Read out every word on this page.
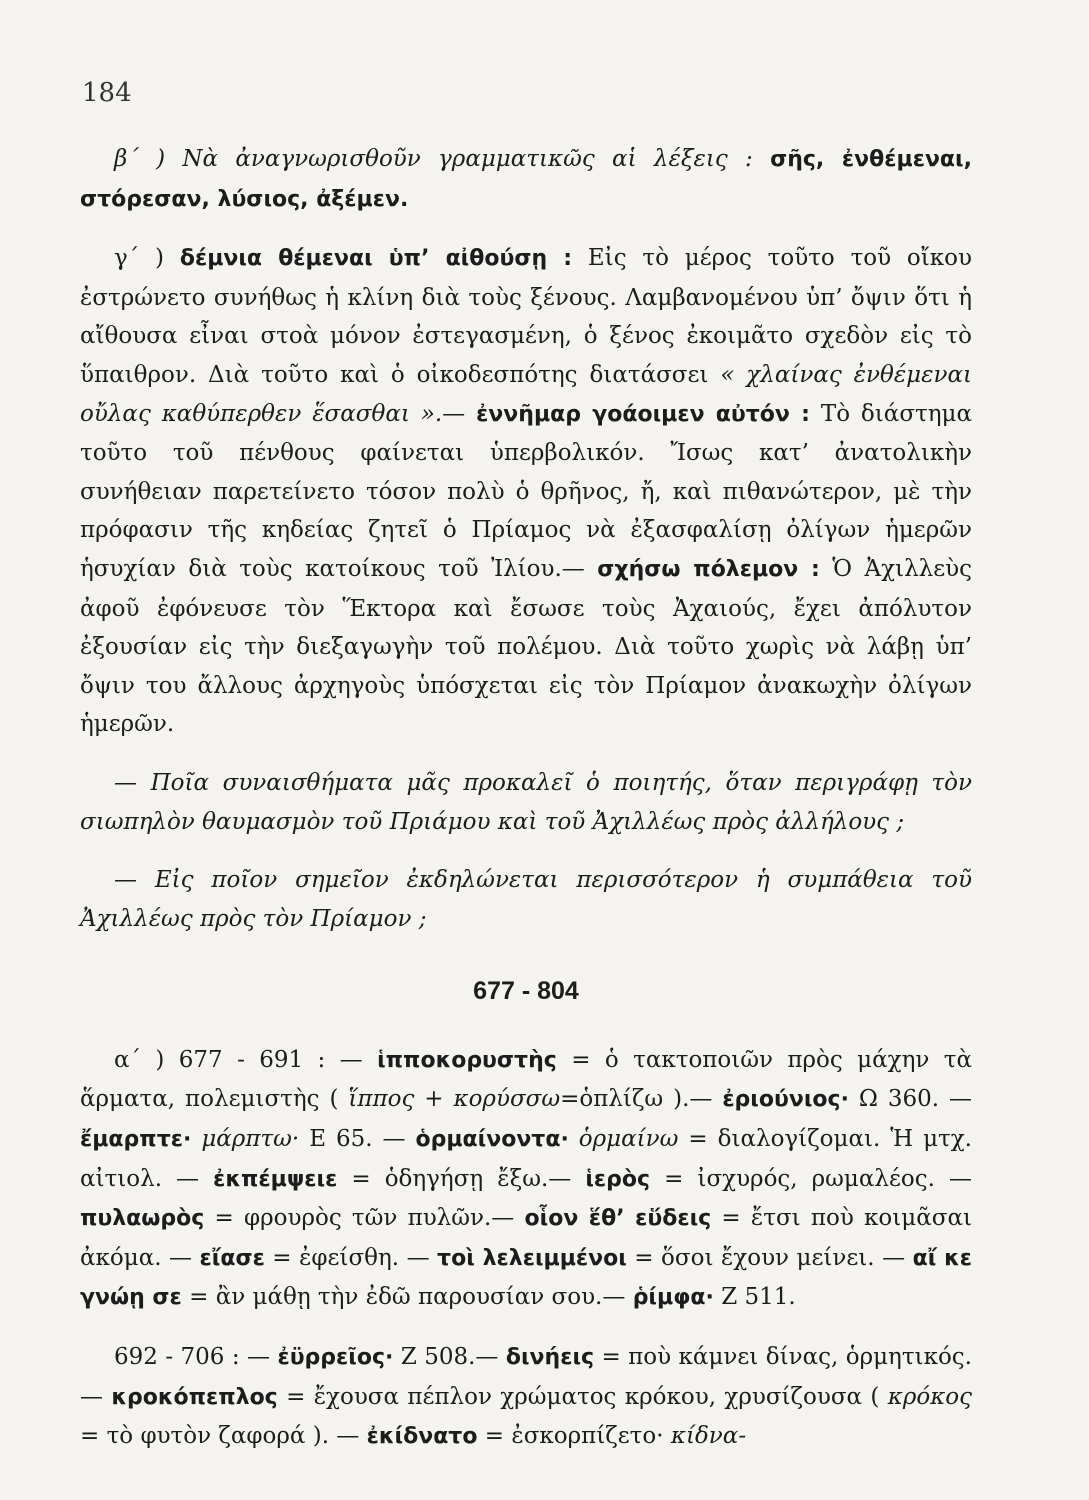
184

β΄ ) Νὰ ἀναγνωρισθοῦν γραμματικῶς αἱ λέξεις : σῆς, ἐνθέμεναι, στόρεσαν, λύσιος, ἀξέμεν.

γ΄ ) δέμνια θέμεναι ὑπ’ αἰθούσῃ : Εἰς τὸ μέρος τοῦτο τοῦ οἴκου ἐστρώνετο συνήθως ἡ κλίνη διὰ τοὺς ξένους. Λαμβανομένου ὑπ’ ὄψιν ὅτι ἡ αἴθουσα εἶναι στοὰ μόνον ἐστεγασμένη, ὁ ξένος ἐκοιμᾶτο σχεδὸν εἰς τὸ ὕπαιθρον. Διὰ τοῦτο καὶ ὁ οἰκοδεσπότης διατάσσει « χλαίνας ἐνθέμεναι οὔλας καθύπερθεν ἕσασθαι ».— ἐννῆμαρ γοάοιμεν αὐτόν : Τὸ διάστημα τοῦτο τοῦ πένθους φαίνεται ὑπερβολικόν. Ἴσως κατ’ ἀνατολικὴν συνήθειαν παρετείνετο τόσον πολὺ ὁ θρῆνος, ἤ, καὶ πιθανώτερον, μὲ τὴν πρόφασιν τῆς κηδείας ζητεῖ ὁ Πρίαμος νὰ ἐξασφαλίσῃ ὀλίγων ἡμερῶν ἡσυχίαν διὰ τοὺς κατοίκους τοῦ Ἰλίου.— σχήσω πόλεμον : Ὁ Ἀχιλλεὺς ἀφοῦ ἐφόνευσε τὸν Ἕκτορα καὶ ἔσωσε τοὺς Ἀχαιούς, ἔχει ἀπόλυτον ἐξουσίαν εἰς τὴν διεξαγωγὴν τοῦ πολέμου. Διὰ τοῦτο χωρὶς νὰ λάβῃ ὑπ’ ὄψιν του ἄλλους ἀρχηγοὺς ὑπόσχεται εἰς τὸν Πρίαμον ἀνακωχὴν ὀλίγων ἡμερῶν.

— Ποῖα συναισθήματα μᾶς προκαλεῖ ὁ ποιητής, ὅταν περιγράφῃ τὸν σιωπηλὸν θαυμασμὸν τοῦ Πριάμου καὶ τοῦ Ἀχιλλέως πρὸς ἀλλήλους ;

— Εἰς ποῖον σημεῖον ἐκδηλώνεται περισσότερον ἡ συμπάθεια τοῦ Ἀχιλλέως πρὸς τὸν Πρίαμον ;

677 - 804

α΄ ) 677 - 691 : — ἱπποκορυστὴς = ὁ τακτοποιῶν πρὸς μάχην τὰ ἅρματα, πολεμιστὴς ( ἵππος + κορύσσω=ὁπλίζω ).— ἐριούνιος· Ω 360. — ἔμαρπτε· μάρπτω· Ε 65. — ὁρμαίνοντα· ὁρμαίνω = διαλογίζομαι. Ἡ μτχ. αἰτιολ. — ἐκπέμψειε = ὁδηγήσῃ ἔξω.— ἱερὸς = ἰσχυρός, ρωμαλέος. — πυλαωρὸς = φρουρὸς τῶν πυλῶν.— οἷον ἕθ’ εὕδεις = ἔτσι ποὺ κοιμᾶσαι ἀκόμα. — εἴασε = ἐφείσθη. — τοὶ λελειμμένοι = ὅσοι ἔχουν μείνει. — αἴ κε γνώῃ σε = ἂν μάθῃ τὴν ἐδῶ παρουσίαν σου.— ῥίμφα· Ζ 511.

692 - 706 : — ἐϋρρεῖος· Ζ 508.— δινήεις = ποὺ κάμνει δίνας, ὁρμητικός.— κροκόπεπλος = ἔχουσα πέπλον χρώματος κρόκου, χρυσίζουσα ( κρόκος = τὸ φυτὸν ζαφορά ). — ἐκίδνατο = ἐσκορπίζετο· κίδνα-
